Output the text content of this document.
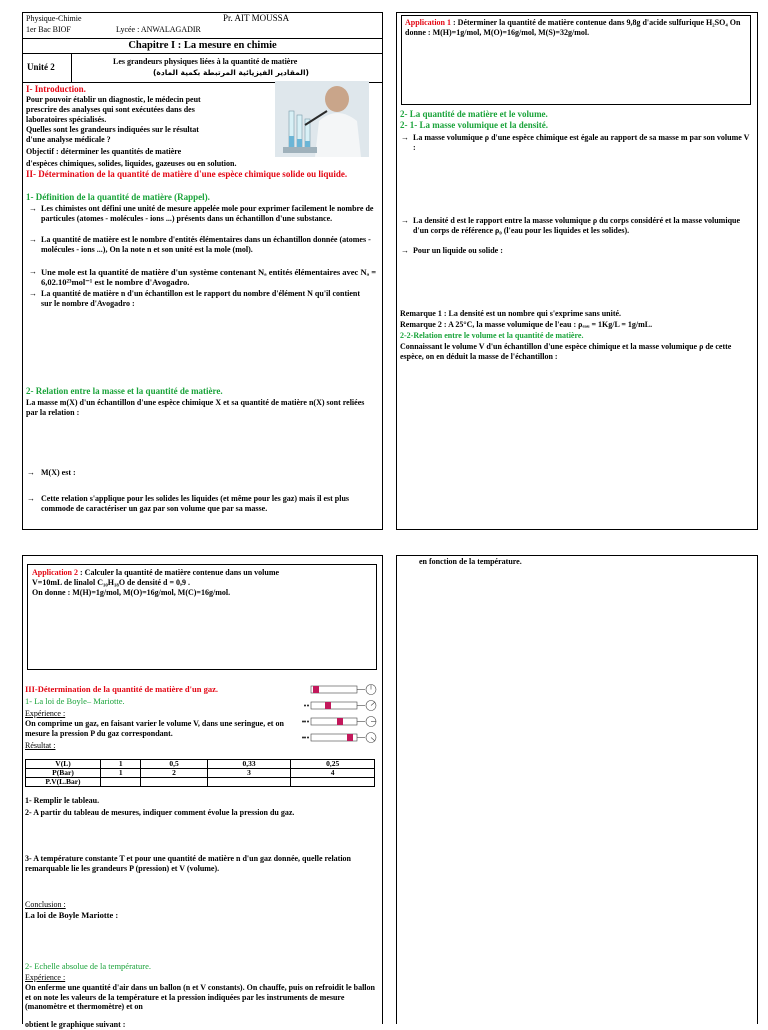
Physique-Chimie	Pr. AIT MOUSSA
1er Bac BIOF	Lycée : ANWALAGADIR
Chapitre I : La mesure en chimie
Unité 2
Les grandeurs physiques liées à la quantité de matière
(المقادير الفيزيائية المرتبطة بكمية المادة)
I- Introduction.
Pour pouvoir établir un diagnostic, le médecin peut
prescrire des analyses qui sont exécutées dans des
laboratoires spécialisés.
Quelles sont les grandeurs indiquées sur le résultat
d'une analyse médicale ?
Objectif : déterminer les quantités de matière
d'espèces chimiques, solides, liquides, gazeuses ou en solution.
II- Détermination de la quantité de matière d'une espèce chimique solide ou liquide.
1- Définition de la quantité de matière (Rappel).
→ Les chimistes ont défini une unité de mesure appelée mole pour exprimer facilement le nombre de particules (atomes - molécules - ions ...) présents dans un échantillon d'une substance.
→ La quantité de matière est le nombre d'entités élémentaires dans un échantillon donnée (atomes - molécules - ions ...), On la note n et son unité est la mole (mol).
→ Une mole est la quantité de matière d'un système contenant Nₐ entités élémentaires avec Nₐ = 6,02.10²³mol⁻¹ est le nombre d'Avogadro.
→ La quantité de matière n d'un échantillon est le rapport du nombre d'élément N qu'il contient sur le nombre d'Avogadro :
2- Relation entre la masse et la quantité de matière.
La masse m(X) d'un échantillon d'une espèce chimique X et sa quantité de matière n(X) sont reliées par la relation :
→ M(X) est :
→ Cette relation s'applique pour les solides les liquides (et même pour les gaz) mais il est plus commode de caractériser un gaz par son volume que par sa masse.
Application 1 : Déterminer la quantité de matière contenue dans 9,8g d'acide sulfurique H₂SO₄ On donne : M(H)=1g/mol, M(O)=16g/mol, M(S)=32g/mol.
2- La quantité de matière et le volume.
2- 1- La masse volumique et la densité.
→ La masse volumique ρ d'une espèce chimique est égale au rapport de sa masse m par son volume V :
→ La densité d est le rapport entre la masse volumique ρ du corps considéré et la masse volumique d'un corps de référence ρ₀ (l'eau pour les liquides et les solides).
→ Pour un liquide ou solide :
Remarque 1 : La densité est un nombre qui s'exprime sans unité.
Remarque 2 : A 25°C, la masse volumique de l'eau : ρₑₐᵤ = 1Kg/L = 1g/mL.
2-2-Relation entre le volume et la quantité de matière.
Connaissant le volume V d'un échantillon d'une espèce chimique et la masse volumique ρ de cette espèce, on en déduit la masse de l'échantillon :
Application 2 : Calculer la quantité de matière contenue dans un volume
V=10mL de linalol C₁₀H₁₈O de densité d = 0,9 .
On donne : M(H)=1g/mol, M(O)=16g/mol, M(C)=16g/mol.
III-Détermination de la quantité de matière d'un gaz.
1- La loi de Boyle– Mariotte.
Expérience :
On comprime un gaz, en faisant varier le volume V, dans une seringue, et on mesure la pression P du gaz correspondant.
Résultat :
V(L)	1	0,5	0,33	0,25
P(Bar)	1	2	3	4
P.V(L.Bar)				
1- Remplir le tableau.
2- A partir du tableau de mesures, indiquer comment évolue la pression du gaz.
3- A température constante T et pour une quantité de matière n d'un gaz donnée, quelle relation remarquable lie les grandeurs P (pression) et V (volume).
Conclusion :
La loi de Boyle Mariotte :
2- Echelle absolue de la température.
Expérience :
On enferme une quantité d'air dans un ballon (n et V constants). On chauffe, puis on refroidit le ballon et on note les valeurs de la température et la pression indiquées par les instruments de mesure (manomètre et thermomètre) et on
obtient le graphique suivant :
en fonction de la température.
